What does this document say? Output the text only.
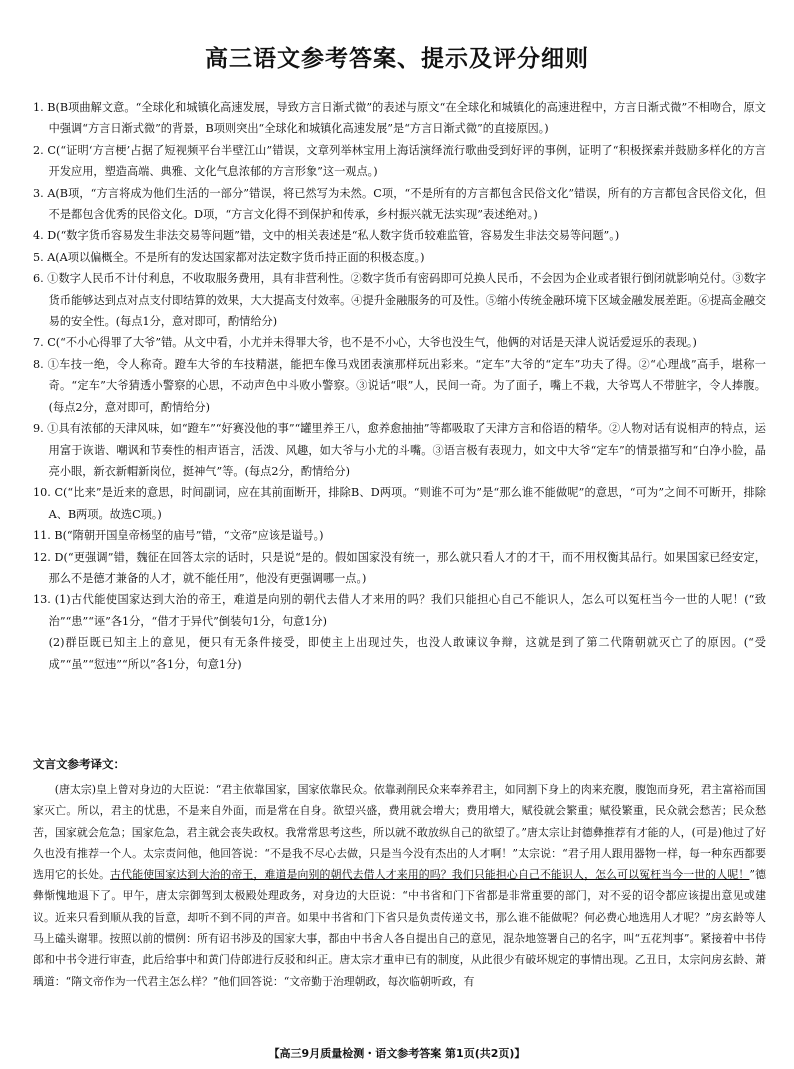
高三语文参考答案、提示及评分细则

1. B(B项曲解文意。“全球化和城镇化高速发展，导致方言日渐式微”的表述与原文“在全球化和城镇化的高速进程中，方言日渐式微”不相吻合，原文中强调“方言日渐式微”的背景，B项则突出“全球化和城镇化高速发展”是“方言日渐式微”的直接原因。)

2. C(“证明‘方言梗’占据了短视频平台半壁江山”错误，文章列举林宝用上海话演绎流行歌曲受到好评的事例，证明了“积极探索并鼓励多样化的方言开发应用，塑造高端、典雅、文化气息浓郁的方言形象”这一观点。)

3. A(B项，“方言将成为他们生活的一部分”错误，将已然写为未然。C项，“不是所有的方言都包含民俗文化”错误，所有的方言都包含民俗文化，但不是都包含优秀的民俗文化。D项，“方言文化得不到保护和传承，乡村振兴就无法实现”表述绝对。)

4. D(“数字货币容易发生非法交易等问题”错，文中的相关表述是“私人数字货币较难监管，容易发生非法交易等问题”。)

5. A(A项以偏概全。不是所有的发达国家都对法定数字货币持正面的积极态度。)

6. ①数字人民币不计付利息，不收取服务费用，具有非营利性。②数字货币有密码即可兑换人民币，不会因为企业或者银行倒闭就影响兑付。③数字货币能够达到点对点支付即结算的效果，大大提高支付效率。④提升金融服务的可及性。⑤缩小传统金融环境下区域金融发展差距。⑥提高金融交易的安全性。(每点1分，意对即可，酌情给分)

7. C(“不小心得罪了大爷”错。从文中看，小尤并未得罪大爷，也不是不小心，大爷也没生气，他俩的对话是天津人说话爱逗乐的表现。)

8. ①车技一绝，令人称奇。蹬车大爷的车技精湛，能把车像马戏团表演那样玩出彩来。“定车”大爷的“定车”功夫了得。②“心理战”高手，堪称一奇。“定车”大爷猜透小警察的心思，不动声色中斗败小警察。③说话“哏”人，民间一奇。为了面子，嘴上不栽，大爷骂人不带脏字，令人捧腹。(每点2分，意对即可，酌情给分)

9. ①具有浓郁的天津风味，如“蹬车”“好赛没他的事”“罐里养王八，愈养愈抽抽”等都吸取了天津方言和俗语的精华。②人物对话有说相声的特点，运用富于诙谐、嘲讽和节奏性的相声语言，活泼、风趣，如大爷与小尤的斗嘴。③语言极有表现力，如文中大爷“定车”的情景描写和“白净小脸，晶亮小眼，新衣新帽新岗位，挺神气”等。(每点2分，酌情给分)

10. C(“比来”是近来的意思，时间副词，应在其前面断开，排除B、D两项。“则谁不可为”是“那么谁不能做呢”的意思，“可为”之间不可断开，排除A、B两项。故选C项。)

11. B(“隋朝开国皇帝杨坚的庙号”错，“文帝”应该是谥号。)

12. D(“更强调”错，魏征在回答太宗的话时，只是说“是的。假如国家没有统一，那么就只看人才的才干，而不用权衡其品行。如果国家已经安定，那么不是德才兼备的人才，就不能任用”，他没有更强调哪一点。)

13. (1)古代能使国家达到大治的帝王，难道是向别的朝代去借人才来用的吗？我们只能担心自己不能识人，怎么可以冤枉当今一世的人呢！(“致治”“患”“诬”各1分，“借才于异代”倒装句1分，句意1分)

(2)群臣既已知主上的意见，便只有无条件接受，即使主上出现过失，也没人敢谏议争辩，这就是到了第二代隋朝就灭亡了的原因。(“受成”“虽”“愆违”“所以”各1分，句意1分)

文言文参考译文：
(唐太宗)皇上曾对身边的大臣说：“君主依靠国家，国家依靠民众。依靠剥削民众来奉养君主，如同割下身上的肉来充腹，腹饱而身死，君主富裕而国家灭亡。所以，君主的忧患，不是来自外面，而是常在自身。欲望兴盛，费用就会增大；费用增大，赋役就会繁重；赋役繁重，民众就会愁苦；民众愁苦，国家就会危急；国家危急，君主就会丧失政权。我常常思考这些，所以就不敢放纵自己的欲望了。”唐太宗让封德彝推荐有才能的人，(可是)他过了好久也没有推荐一个人。太宗责问他，他回答说：“不是我不尽心去做，只是当今没有杰出的人才啊！”太宗说：“君子用人跟用器物一样，每一种东西都要选用它的长处。古代能使国家达到大治的帝王，难道是向别的朝代去借人才来用的吗？我们只能担心自己不能识人，怎么可以冤枉当今一世的人呢！”德彝惭愧地退下了。甲午，唐太宗御驾到太极殿处理政务，对身边的大臣说：“中书省和门下省都是非常重要的部门，对不妥的诏令都应该提出意见或建议。近来只看到顺从我的旨意，却听不到不同的声音。如果中书省和门下省只是负责传递文书，那么谁不能做呢？何必费心地选用人才呢？”房玄龄等人马上磕头谢罪。按照以前的惯例：所有诏书涉及的国家大事，都由中书舍人各自提出自己的意见，混杂地签署自己的名字，叫“五花判事”。紧接着中书侍郎和中书令进行审查，此后给事中和黄门侍郎进行反驳和纠正。唐太宗才重申已有的制度，从此很少有破坏规定的事情出现。乙丑日，太宗问房玄龄、萧瑀道：“隋文帝作为一代君主怎么样？”他们回答说：“文帝勤于治理朝政，每次临朝听政，有
【高三9月质量检测・语文参考答案 第1页(共2页)】
